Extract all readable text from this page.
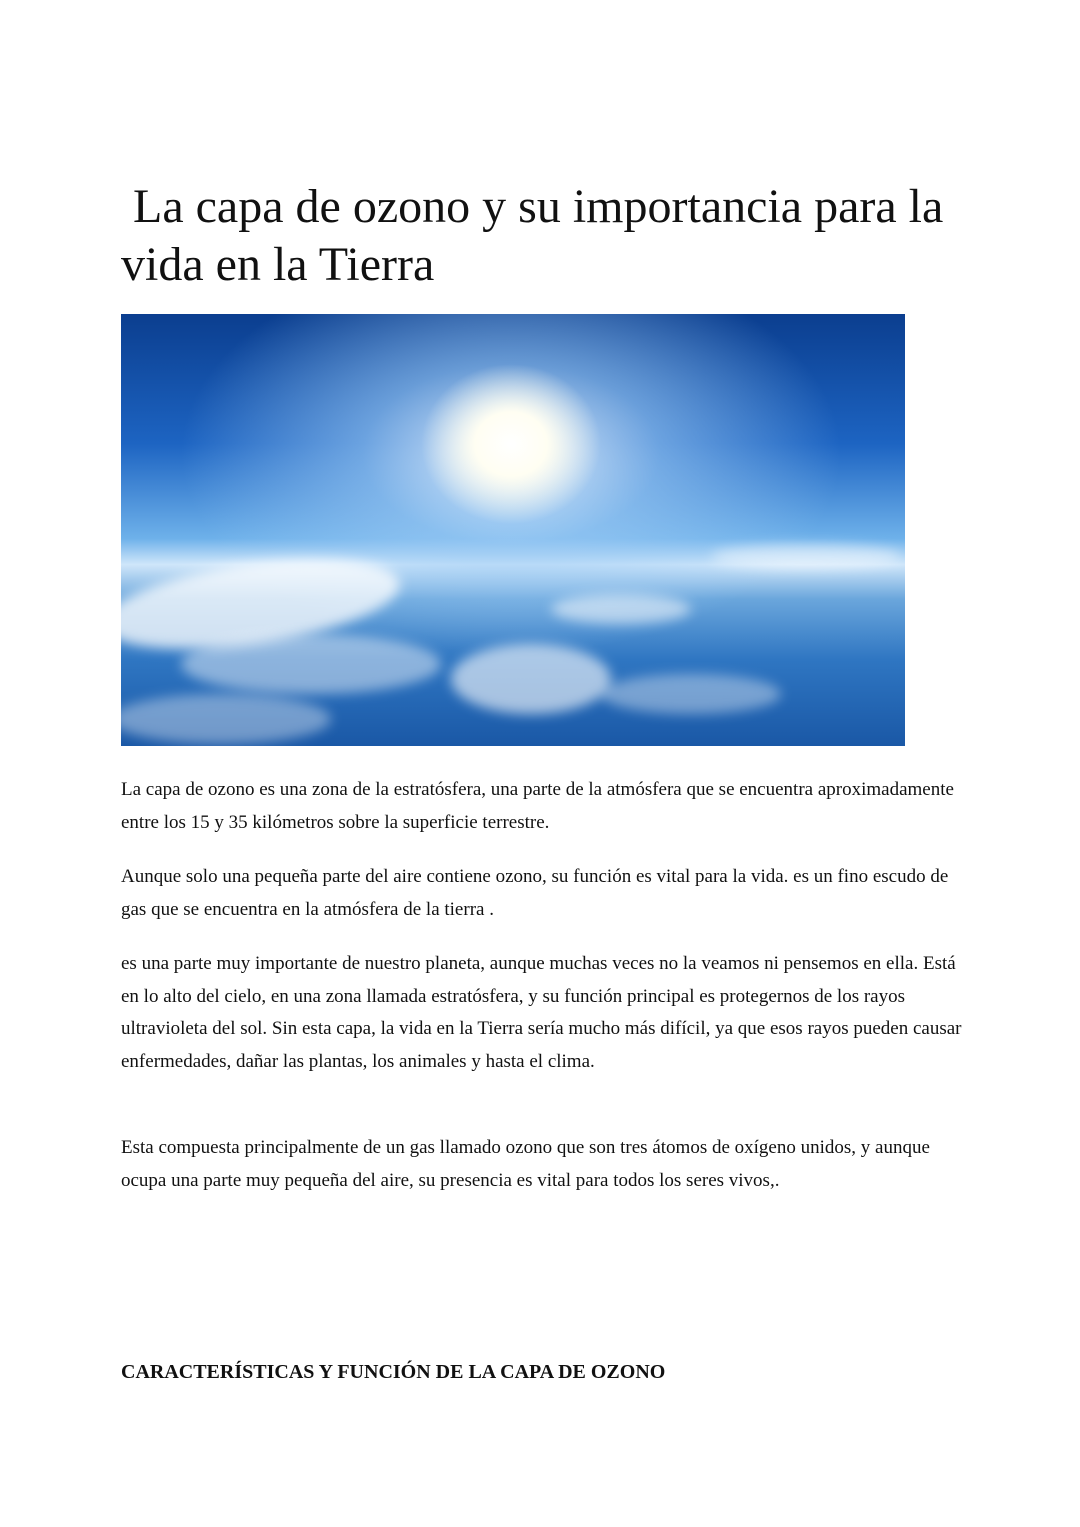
La capa de ozono y su importancia para la vida en la Tierra

La capa de ozono es una zona de la estratósfera, una parte de la atmósfera que se encuentra aproximadamente entre los 15 y 35 kilómetros sobre la superficie terrestre.

Aunque solo una pequeña parte del aire contiene ozono, su función es vital para la vida. es un fino escudo de gas que se encuentra en la atmósfera de la tierra .

es una parte muy importante de nuestro planeta, aunque muchas veces no la veamos ni pensemos en ella. Está en lo alto del cielo, en una zona llamada estratósfera, y su función principal es protegernos de los rayos ultravioleta del sol. Sin esta capa, la vida en la Tierra sería mucho más difícil, ya que esos rayos pueden causar enfermedades, dañar las plantas, los animales y hasta el clima.

Esta compuesta principalmente de un gas llamado ozono que son tres átomos de oxígeno unidos, y aunque ocupa una parte muy pequeña del aire, su presencia es vital para todos los seres vivos,.

CARACTERÍSTICAS Y FUNCIÓN DE LA CAPA DE OZONO
